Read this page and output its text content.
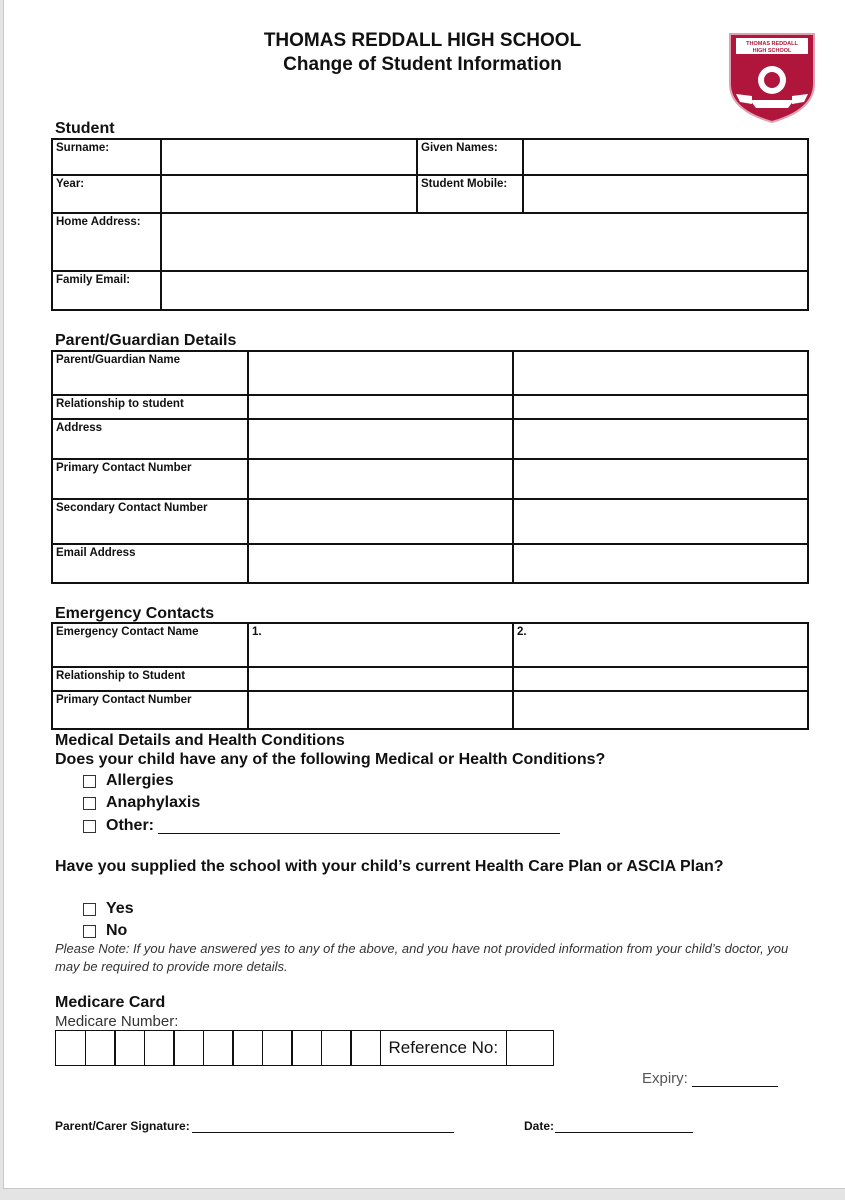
THOMAS REDDALL HIGH SCHOOL
Change of Student Information
THOMAS REDDALL
HIGH SCHOOL
Student
Surname:		Given Names:	
Year:		Student Mobile:	
Home Address:			
Family Email:			
Parent/Guardian Details
Parent/Guardian Name		
Relationship to student		
Address		
Primary Contact Number		
Secondary Contact Number		
Email Address		
Emergency Contacts
Emergency Contact Name	1.	2.
Relationship to Student		
Primary Contact Number		
Medical Details and Health Conditions
Does your child have any of the following Medical or Health Conditions?
Allergies
Anaphylaxis
Other:
Have you supplied the school with your child’s current Health Care Plan or ASCIA Plan?
Yes
No
Please Note: If you have answered yes to any of the above, and you have not provided information from your child’s doctor, you may be required to provide more details.
Medicare Card
Medicare Number:
Reference No:
Expiry:
Parent/Carer Signature:	Date:
